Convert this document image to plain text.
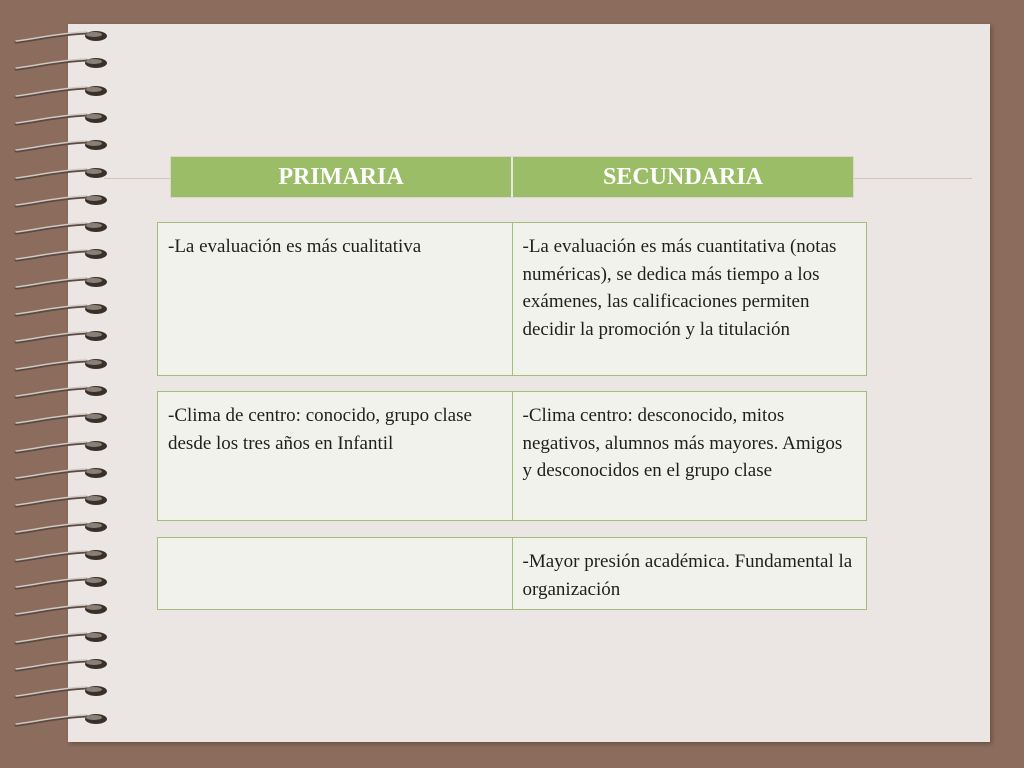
PRIMARIA	SECUNDARIA
-La evaluación es más cualitativa	-La evaluación es más cuantitativa (notas numéricas), se dedica más tiempo a los exámenes, las calificaciones permiten decidir la promoción y la titulación
-Clima de centro: conocido, grupo clase desde los tres años en Infantil
-Clima centro: desconocido, mitos negativos, alumnos más mayores. Amigos y desconocidos en el grupo clase
-Mayor presión académica. Fundamental la organización
